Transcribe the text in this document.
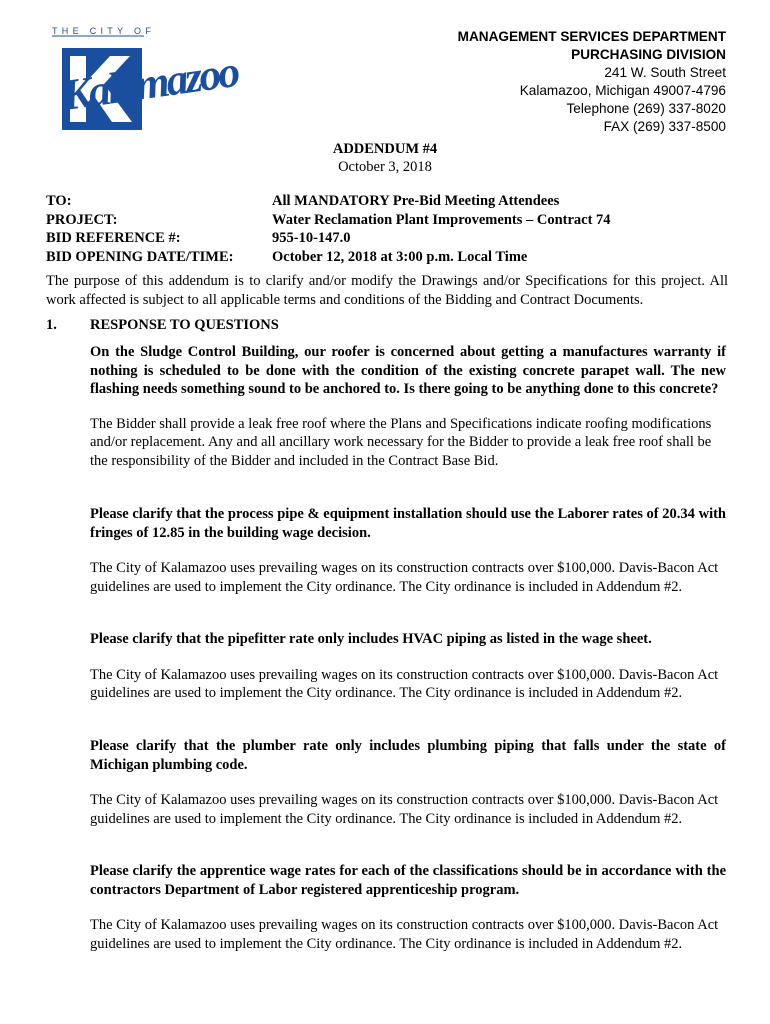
THE CITY OF
Kalamazoo
MANAGEMENT SERVICES DEPARTMENT
PURCHASING DIVISION
241 W. South Street
Kalamazoo, Michigan 49007-4796
Telephone (269) 337-8020
FAX (269) 337-8500
ADDENDUM #4
October 3, 2018
TO:	All MANDATORY Pre-Bid Meeting Attendees
PROJECT:	Water Reclamation Plant Improvements – Contract 74
BID REFERENCE #:	955-10-147.0
BID OPENING DATE/TIME:	October 12, 2018 at 3:00 p.m. Local Time
The purpose of this addendum is to clarify and/or modify the Drawings and/or Specifications for this project. All work affected is subject to all applicable terms and conditions of the Bidding and Contract Documents.
1.	RESPONSE TO QUESTIONS
On the Sludge Control Building, our roofer is concerned about getting a manufactures warranty if nothing is scheduled to be done with the condition of the existing concrete parapet wall. The new flashing needs something sound to be anchored to. Is there going to be anything done to this concrete?
The Bidder shall provide a leak free roof where the Plans and Specifications indicate roofing modifications and/or replacement. Any and all ancillary work necessary for the Bidder to provide a leak free roof shall be the responsibility of the Bidder and included in the Contract Base Bid.
Please clarify that the process pipe & equipment installation should use the Laborer rates of 20.34 with fringes of 12.85 in the building wage decision.
The City of Kalamazoo uses prevailing wages on its construction contracts over $100,000. Davis-Bacon Act guidelines are used to implement the City ordinance. The City ordinance is included in Addendum #2.
Please clarify that the pipefitter rate only includes HVAC piping as listed in the wage sheet.
The City of Kalamazoo uses prevailing wages on its construction contracts over $100,000. Davis-Bacon Act guidelines are used to implement the City ordinance. The City ordinance is included in Addendum #2.
Please clarify that the plumber rate only includes plumbing piping that falls under the state of Michigan plumbing code.
The City of Kalamazoo uses prevailing wages on its construction contracts over $100,000. Davis-Bacon Act guidelines are used to implement the City ordinance. The City ordinance is included in Addendum #2.
Please clarify the apprentice wage rates for each of the classifications should be in accordance with the contractors Department of Labor registered apprenticeship program.
The City of Kalamazoo uses prevailing wages on its construction contracts over $100,000. Davis-Bacon Act guidelines are used to implement the City ordinance. The City ordinance is included in Addendum #2.
